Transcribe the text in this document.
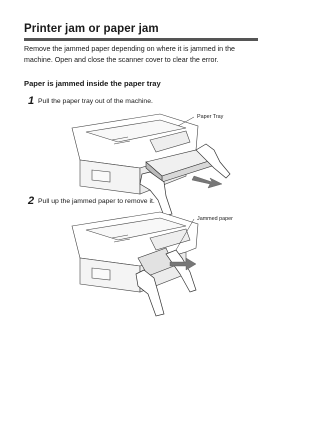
Printer jam or paper jam
Remove the jammed paper depending on where it is jammed in the machine. Open and close the scanner cover to clear the error.
Paper is jammed inside the paper tray
1 Pull the paper tray out of the machine.
Paper Tray
2 Pull up the jammed paper to remove it.
Jammed paper
